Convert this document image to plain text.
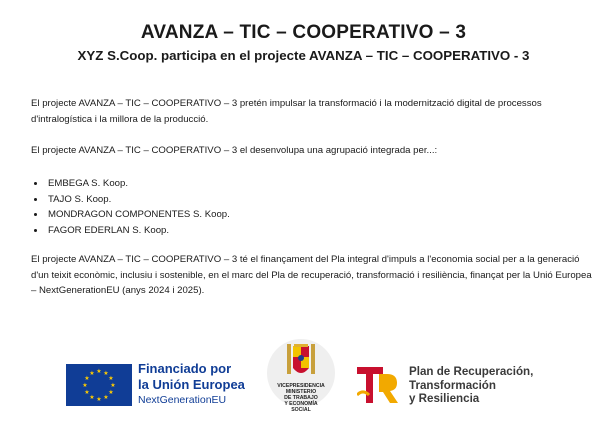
AVANZA – TIC – COOPERATIVO – 3
XYZ S.Coop. participa en el projecte AVANZA – TIC – COOPERATIVO - 3
El projecte AVANZA – TIC – COOPERATIVO – 3 pretén impulsar la transformació i la modernització digital de processos d'intralogística i la millora de la producció.
El projecte AVANZA – TIC – COOPERATIVO – 3 el desenvolupa una agrupació integrada per...:
• EMBEGA S. Koop.
• TAJO S. Koop.
• MONDRAGON COMPONENTES S. Koop.
• FAGOR EDERLAN S. Koop.
El projecte AVANZA – TIC – COOPERATIVO – 3 té el finançament del Pla integral d'impuls a l'economia social per a la generació d'un teixit econòmic, inclusiu i sostenible, en el marc del Pla de recuperació, transformació i resiliència, finançat per la Unió Europea – NextGenerationEU (anys 2024 i 2025).
★ ★
★
★
★
★
★
★
★
★
★
★	Financiado por
la Unión Europea
NextGenerationEU
VICEPRESIDENCIA
MINISTERIO
DE TRABAJO
Y ECONOMÍA
SOCIAL
Plan de Recuperación,
Transformación
y Resiliencia
